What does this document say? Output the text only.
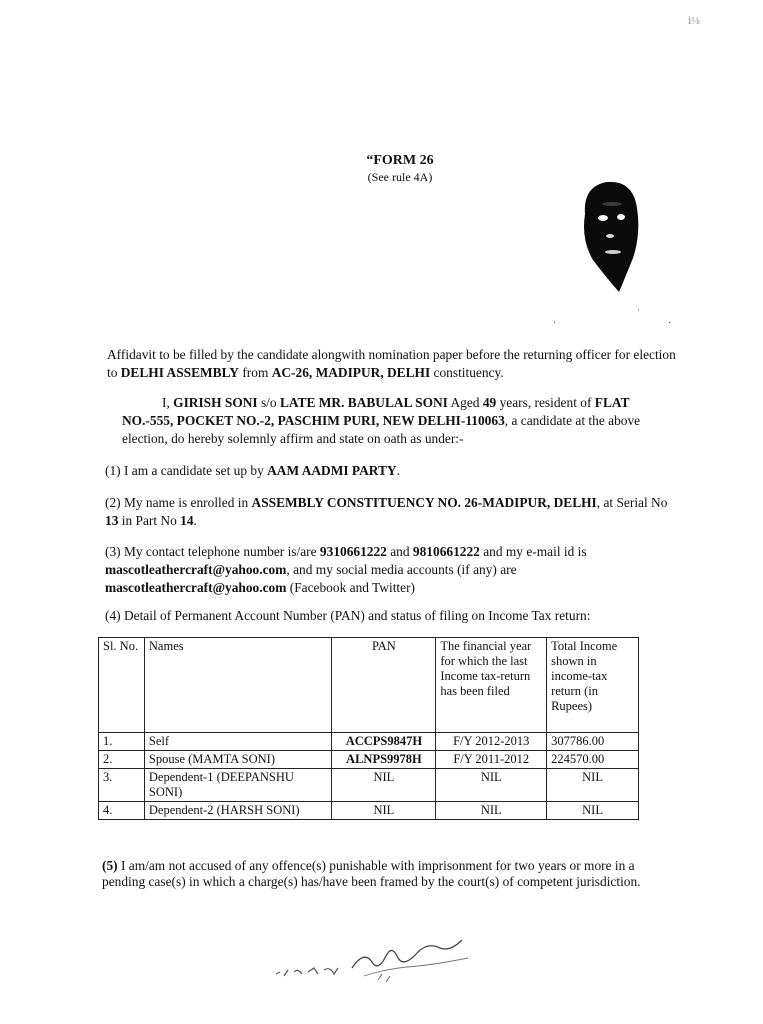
ⅰ⅛
“FORM 26
(See rule 4A)
ˈ
·	·
Affidavit to be filled by the candidate alongwith nomination paper before the returning officer for election to DELHI ASSEMBLY from AC-26, MADIPUR, DELHI constituency.
I, GIRISH SONI s/o LATE MR. BABULAL SONI Aged 49 years, resident of FLAT NO.-555, POCKET NO.-2, PASCHIM PURI, NEW DELHI-110063, a candidate at the above election, do hereby solemnly affirm and state on oath as under:-
(1) I am a candidate set up by AAM AADMI PARTY.
(2) My name is enrolled in ASSEMBLY CONSTITUENCY NO. 26-MADIPUR, DELHI, at Serial No 13 in Part No 14.
(3) My contact telephone number is/are 9310661222 and 9810661222 and my e-mail id is mascotleathercraft@yahoo.com, and my social media accounts (if any) are mascotleathercraft@yahoo.com (Facebook and Twitter)
(4) Detail of Permanent Account Number (PAN) and status of filing on Income Tax return:
Sl. No.	Names	PAN	The financial year for which the last Income tax-return has been filed	Total Income shown in income-tax return (in Rupees)
1.	Self	ACCPS9847H	F/Y 2012-2013	307786.00
2.	Spouse (MAMTA SONI)	ALNPS9978H	F/Y 2011-2012	224570.00
3.	Dependent-1 (DEEPANSHU SONI)	NIL	NIL	NIL
4.	Dependent-2 (HARSH SONI)	NIL	NIL	NIL
(5) I am/am not accused of any offence(s) punishable with imprisonment for two years or more in a pending case(s) in which a charge(s) has/have been framed by the court(s) of competent jurisdiction.
